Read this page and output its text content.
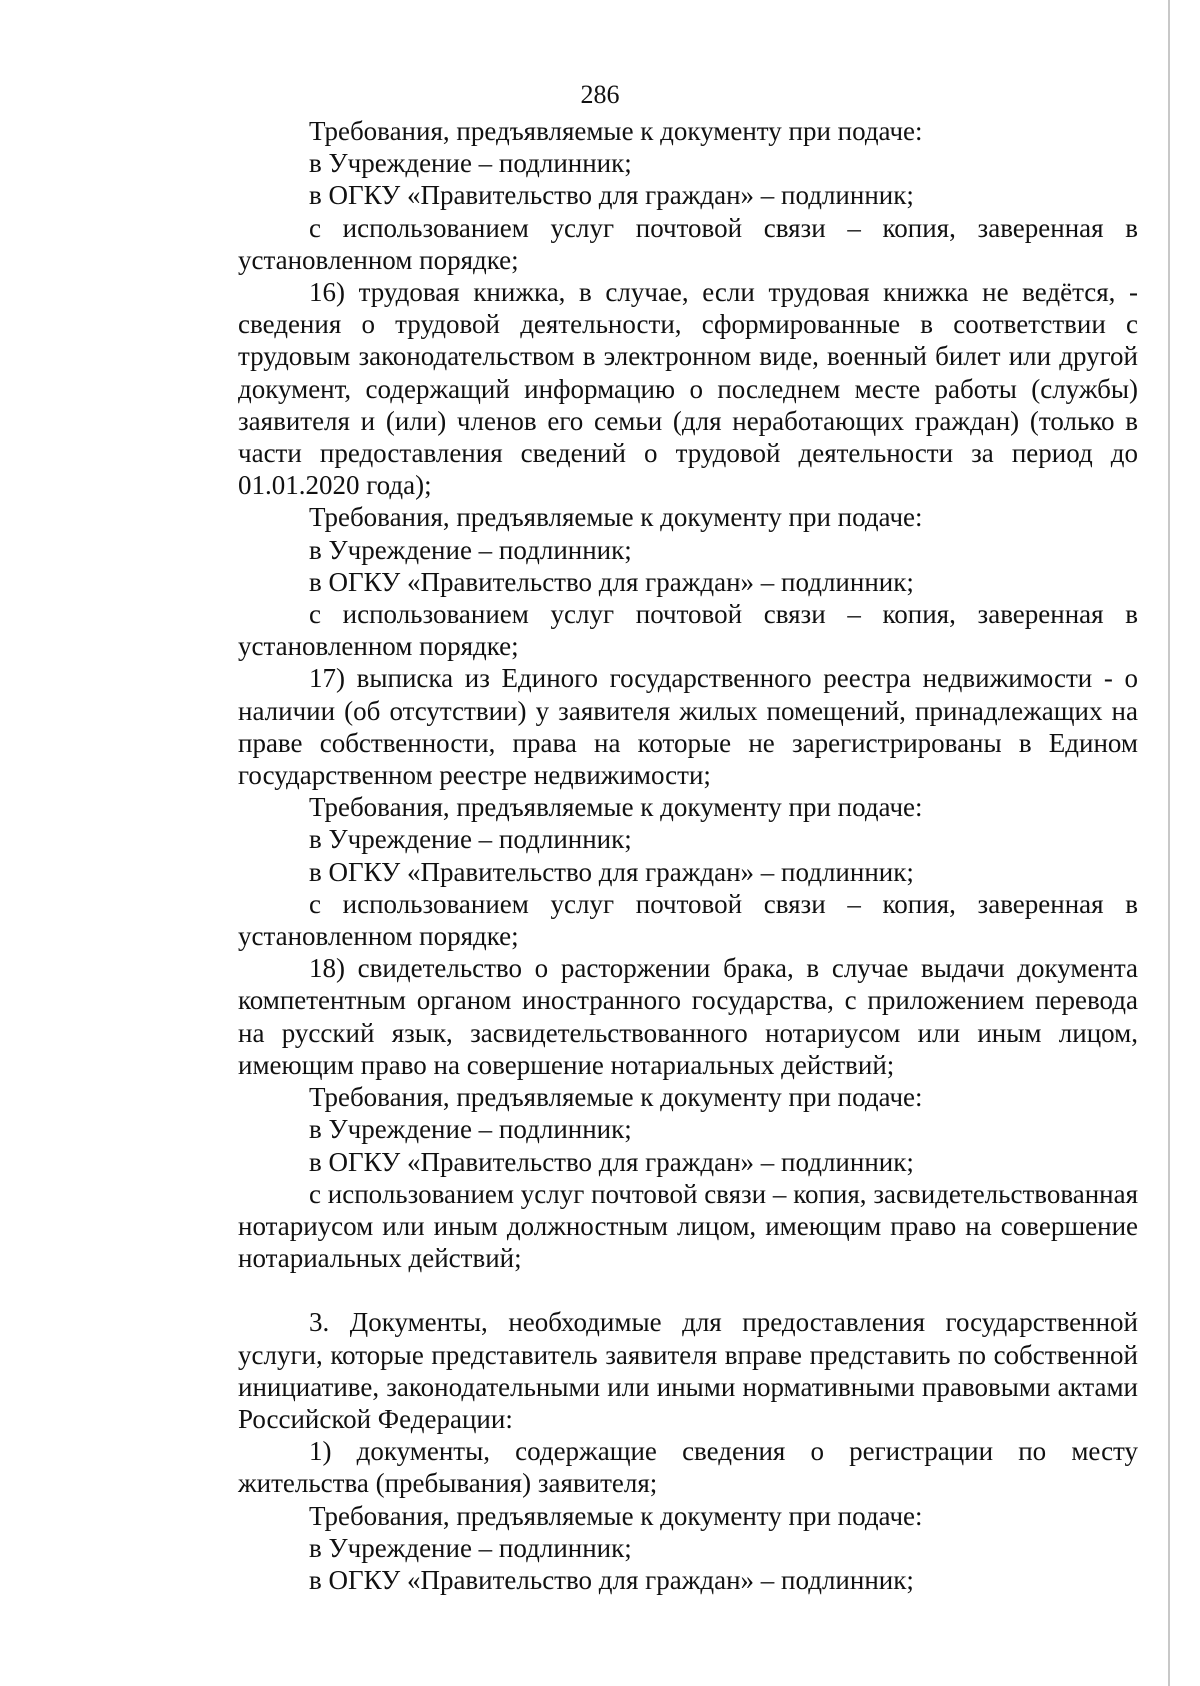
286

Требования, предъявляемые к документу при подаче:

в Учреждение – подлинник;

в ОГКУ «Правительство для граждан» – подлинник;

с использованием услуг почтовой связи – копия, заверенная в установленном порядке;

16) трудовая книжка, в случае, если трудовая книжка не ведётся, - сведения о трудовой деятельности, сформированные в соответствии с трудовым законодательством в электронном виде, военный билет или другой документ, содержащий информацию о последнем месте работы (службы) заявителя и (или) членов его семьи (для неработающих граждан) (только в части предоставления сведений о трудовой деятельности за период до 01.01.2020 года);

Требования, предъявляемые к документу при подаче:

в Учреждение – подлинник;

в ОГКУ «Правительство для граждан» – подлинник;

с использованием услуг почтовой связи – копия, заверенная в установленном порядке;

17) выписка из Единого государственного реестра недвижимости - о наличии (об отсутствии) у заявителя жилых помещений, принадлежащих на праве собственности, права на которые не зарегистрированы в Едином государственном реестре недвижимости;

Требования, предъявляемые к документу при подаче:

в Учреждение – подлинник;

в ОГКУ «Правительство для граждан» – подлинник;

с использованием услуг почтовой связи – копия, заверенная в установленном порядке;

18) свидетельство о расторжении брака, в случае выдачи документа компетентным органом иностранного государства, с приложением перевода на русский язык, засвидетельствованного нотариусом или иным лицом, имеющим право на совершение нотариальных действий;

Требования, предъявляемые к документу при подаче:

в Учреждение – подлинник;

в ОГКУ «Правительство для граждан» – подлинник;

с использованием услуг почтовой связи – копия, засвидетельствованная нотариусом или иным должностным лицом, имеющим право на совершение нотариальных действий;

3. Документы, необходимые для предоставления государственной услуги, которые представитель заявителя вправе представить по собственной инициативе, законодательными или иными нормативными правовыми актами Российской Федерации:

1) документы, содержащие сведения о регистрации по месту жительства (пребывания) заявителя;

Требования, предъявляемые к документу при подаче:

в Учреждение – подлинник;

в ОГКУ «Правительство для граждан» – подлинник;
